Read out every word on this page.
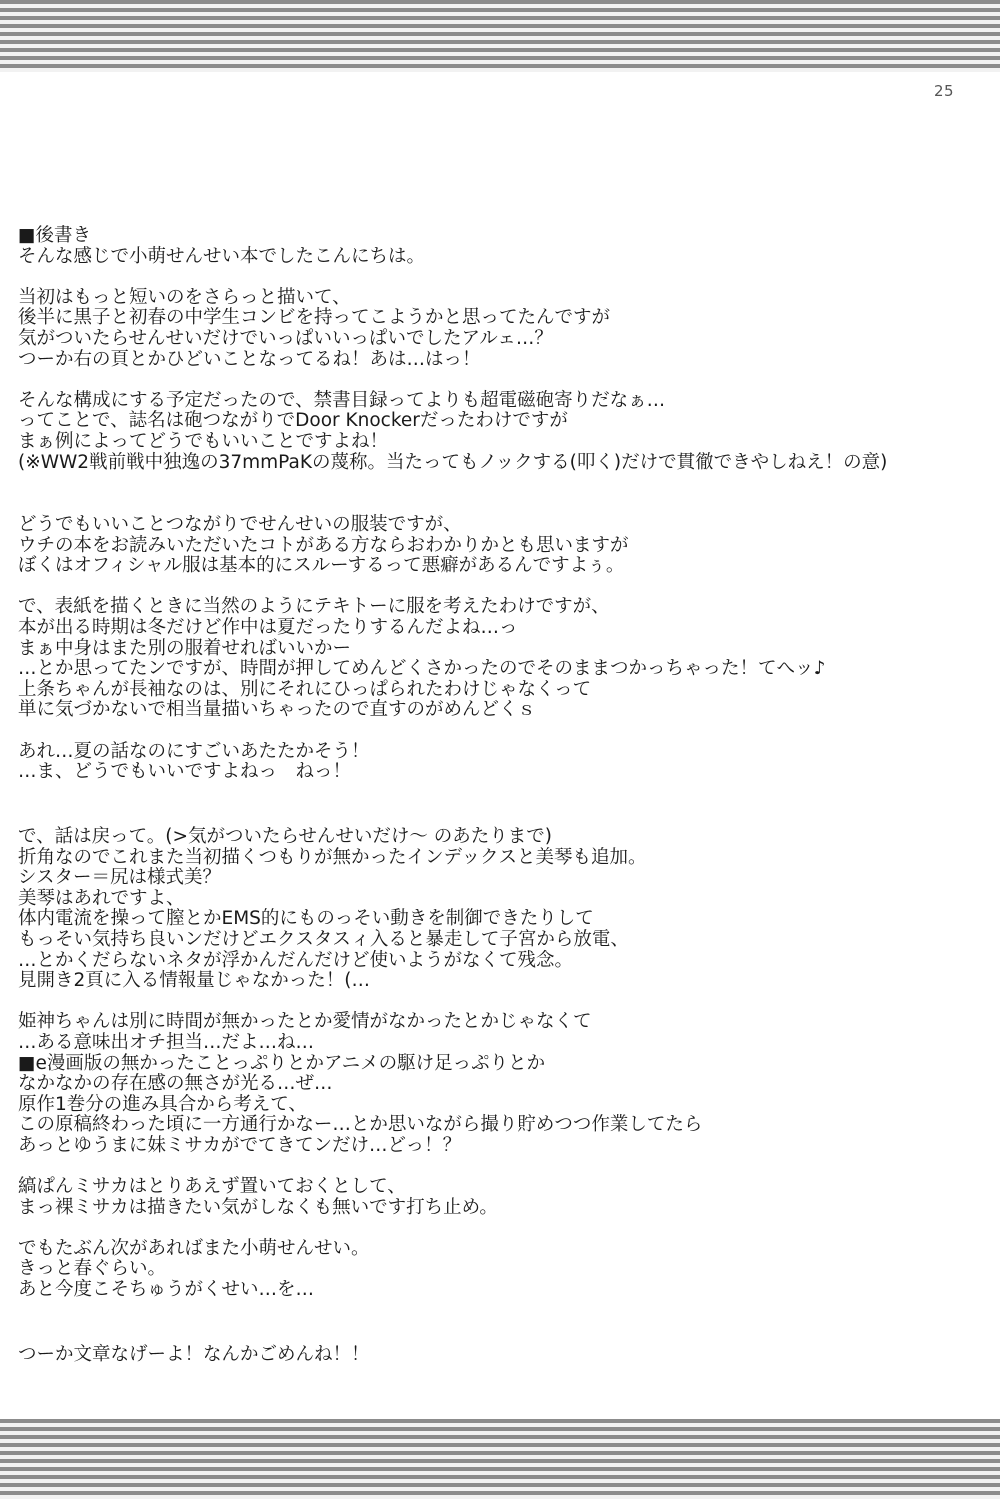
25
■後書き
そんな感じで小萌せんせい本でしたこんにちは。
当初はもっと短いのをさらっと描いて、
後半に黒子と初春の中学生コンビを持ってこようかと思ってたんですが
気がついたらせんせいだけでいっぱいいっぱいでしたアルェ…？
つーか右の頁とかひどいことなってるね！あは…はっ！
そんな構成にする予定だったので、禁書目録ってよりも超電磁砲寄りだなぁ…
ってことで、誌名は砲つながりでDoor Knockerだったわけですが
まぁ例によってどうでもいいことですよね！
(※WW2戦前戦中独逸の37mmPaKの蔑称。当たってもノックする(叩く)だけで貫徹できやしねえ！の意)
どうでもいいことつながりでせんせいの服装ですが、
ウチの本をお読みいただいたコトがある方ならおわかりかとも思いますが
ぼくはオフィシャル服は基本的にスルーするって悪癖があるんですよぅ。
で、表紙を描くときに当然のようにテキトーに服を考えたわけですが、
本が出る時期は冬だけど作中は夏だったりするんだよね…っ
まぁ中身はまた別の服着せればいいかー
…とか思ってたンですが、時間が押してめんどくさかったのでそのままつかっちゃった！てへッ♪
上条ちゃんが長袖なのは、別にそれにひっぱられたわけじゃなくって
単に気づかないで相当量描いちゃったので直すのがめんどくｓ
あれ…夏の話なのにすごいあたたかそう！
…ま、どうでもいいですよねっ　ねっ！
で、話は戻って。(>気がついたらせんせいだけ～ のあたりまで)
折角なのでこれまた当初描くつもりが無かったインデックスと美琴も追加。
シスター＝尻は様式美？
美琴はあれですよ、
体内電流を操って膣とかEMS的にものっそい動きを制御できたりして
もっそい気持ち良いンだけどエクスタスィ入ると暴走して子宮から放電、
…とかくだらないネタが浮かんだんだけど使いようがなくて残念。
見開き2頁に入る情報量じゃなかった！(…
姫神ちゃんは別に時間が無かったとか愛情がなかったとかじゃなくて
…ある意味出オチ担当…だよ…ね…
■e漫画版の無かったことっぷりとかアニメの駆け足っぷりとか
なかなかの存在感の無さが光る…ぜ…
原作1巻分の進み具合から考えて、
この原稿終わった頃に一方通行かなー…とか思いながら撮り貯めつつ作業してたら
あっとゆうまに妹ミサカがでてきてンだけ…どっ！？
縞ぱんミサカはとりあえず置いておくとして、
まっ裸ミサカは描きたい気がしなくも無いです打ち止め。
でもたぶん次があればまた小萌せんせい。
きっと春ぐらい。
あと今度こそちゅうがくせい…を…
つーか文章なげーよ！なんかごめんね！！
